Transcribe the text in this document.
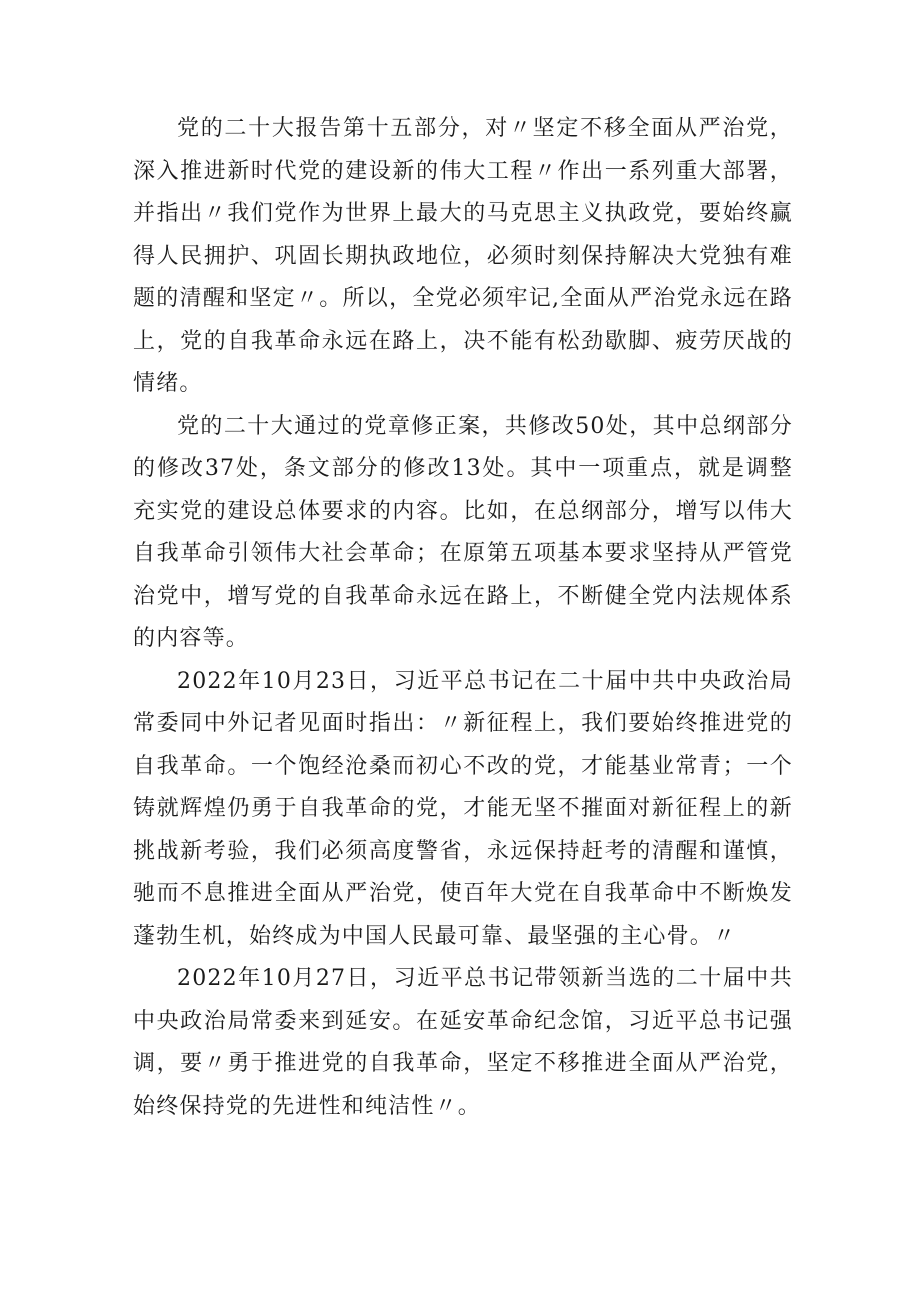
党的二十大报告第十五部分，对〃坚定不移全面从严治党，深入推进新时代党的建设新的伟大工程〃作出一系列重大部署，并指出〃我们党作为世界上最大的马克思主义执政党，要始终赢得人民拥护、巩固长期执政地位，必须时刻保持解决大党独有难题的清醒和坚定〃。所以，全党必须牢记,全面从严治党永远在路上，党的自我革命永远在路上，决不能有松劲歇脚、疲劳厌战的情绪。

党的二十大通过的党章修正案，共修改50处，其中总纲部分的修改37处，条文部分的修改13处。其中一项重点，就是调整充实党的建设总体要求的内容。比如，在总纲部分，增写以伟大自我革命引领伟大社会革命；在原第五项基本要求坚持从严管党治党中，增写党的自我革命永远在路上，不断健全党内法规体系的内容等。

2022年10月23日，习近平总书记在二十届中共中央政治局常委同中外记者见面时指出：〃新征程上，我们要始终推进党的自我革命。一个饱经沧桑而初心不改的党，才能基业常青；一个铸就辉煌仍勇于自我革命的党，才能无坚不摧面对新征程上的新挑战新考验，我们必须高度警省，永远保持赶考的清醒和谨慎，驰而不息推进全面从严治党，使百年大党在自我革命中不断焕发蓬勃生机，始终成为中国人民最可靠、最坚强的主心骨。〃

2022年10月27日，习近平总书记带领新当选的二十届中共中央政治局常委来到延安。在延安革命纪念馆，习近平总书记强调，要〃勇于推进党的自我革命，坚定不移推进全面从严治党，始终保持党的先进性和纯洁性〃。
